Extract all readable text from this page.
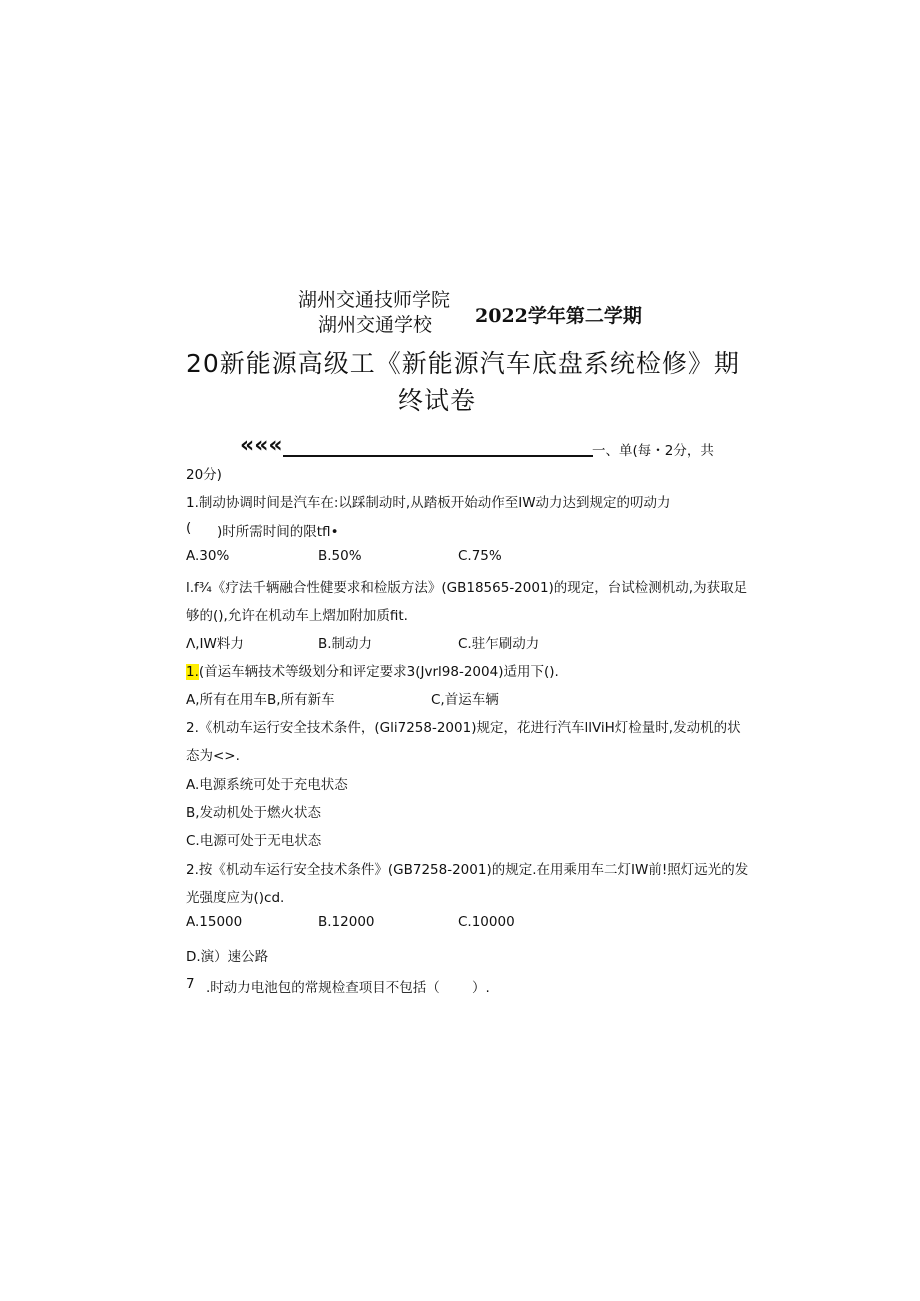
湖州交通技师学院
湖州交通学校 2022学年第二学期
20新能源高级工《新能源汽车底盘系统检修》期
终试卷
«««	一、单(每・2分，共
20分)
1.制动协调时间是汽车在:以踩制动时,从踏板开始动作至IW动力达到规定的叨动力
( )时所需时间的限tfl•
A.30%	B.50%	C.75%
l.f¾《疗法千辆融合性健要求和检版方法》(GB18565-2001)的现定，台试检测机动,为获取足
够的(),允许在机动车上熠加附加质fit.
Λ,IW料力	B.制动力	C.驻乍刷动力
1.(首运车辆技术等级划分和评定要求3(Jvrl98-2004)适用下().
A,所有在用车B,所有新车	C,首运车辆
2.《机动车运行安全技术条件，(Gli7258-2001)规定，花进行汽车llViH灯检量时,发动机的状
态为<>.
A.电源系统可处于充电状态
B,发动机处于燃火状态
C.电源可处于无电状态
2.按《机动车运行安全技术条件》(GB7258-2001)的规定.在用乘用车二灯IW前!照灯远光的发
光强度应为()cd.
A.15000	B.12000	C.10000
D.演）速公路
7 .时动力电池包的常规检查项目不包括（ ）.
